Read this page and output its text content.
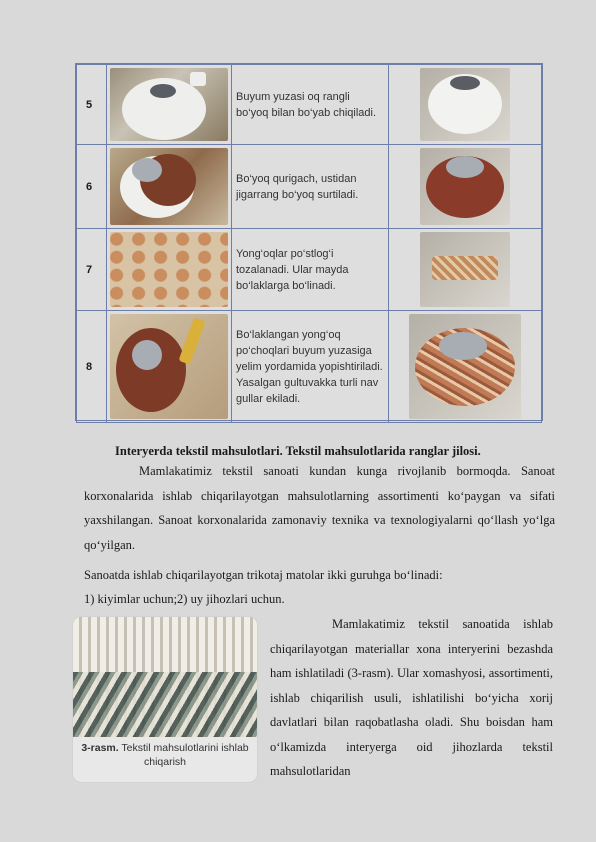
5		Buyum yuzasi oq rangli bo‘yoq bilan bo‘yab chiqiladi.	

6		Bo‘yoq qurigach, ustidan jigarrang bo‘yoq surtiladi.	

7		Yong‘oqlar po‘stlog‘i tozalanadi. Ular mayda bo‘laklarga bo‘linadi.	

8		Bo‘laklangan yong‘oq po‘choqlari buyum yuzasiga yelim yordamida yopishtiriladi. Yasalgan gultuvakka turli nav gullar ekiladi.	
Interyerda tekstil mahsulotlari. Tekstil mahsulotlarida ranglar jilosi.

Mamlakatimiz tekstil sanoati kundan kunga rivojlanib bormoqda. Sanoat korxonalarida ishlab chiqarilayotgan mahsulotlarning assortimenti ko‘paygan va sifati yaxshilangan. Sanoat korxonalarida zamonaviy texnika va texnologiyalarni qo‘llash yo‘lga qo‘yilgan.

Sanoatda ishlab chiqarilayotgan trikotaj matolar ikki guruhga bo‘linadi:

1) kiyimlar uchun;2) uy jihozlari uchun.

Mamlakatimiz tekstil sanoatida ishlab chiqarilayotgan materiallar xona interyerini bezashda ham ishlatiladi (3-rasm). Ular xomashyosi, assortimenti, ishlab chiqarilish usuli, ishlatilishi bo‘yicha xorij davlatlari bilan raqobatlasha oladi. Shu boisdan ham o‘lkamizda interyerga oid jihozlarda tekstil mahsulotlaridan

3-rasm. Tekstil mahsulotlarini ishlab chiqarish
